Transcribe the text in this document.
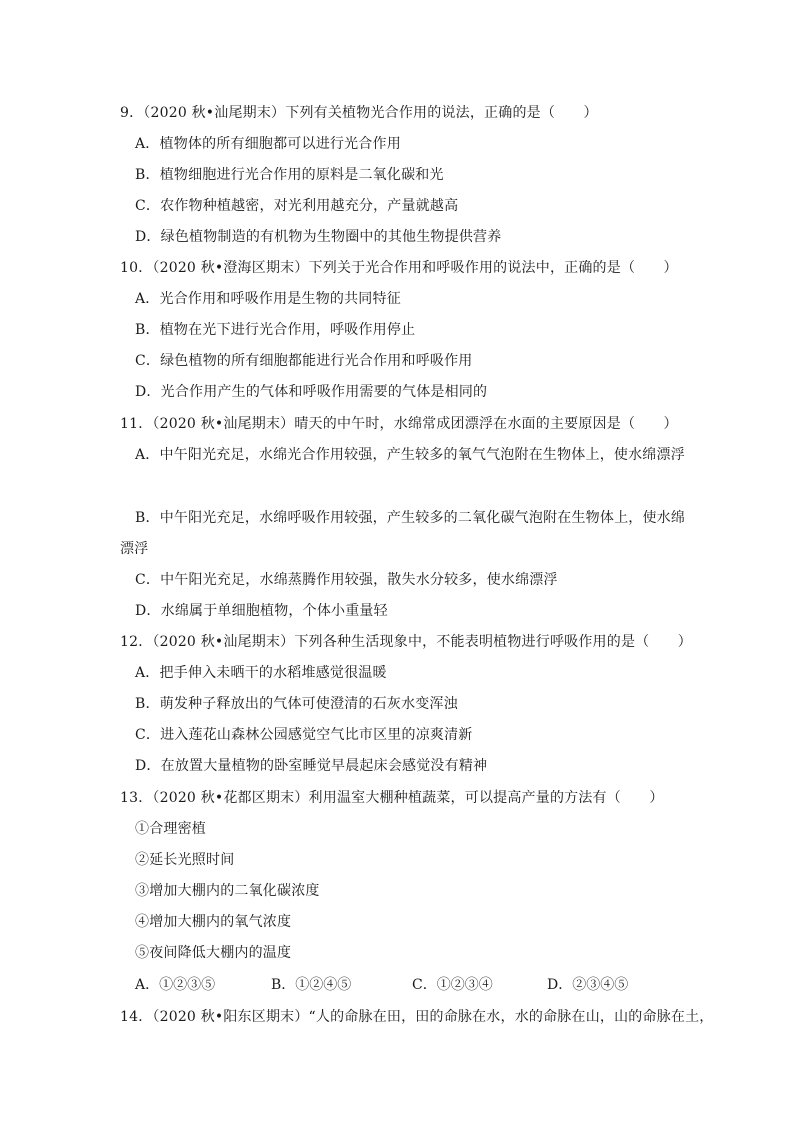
9．（2020 秋•汕尾期末）下列有关植物光合作用的说法，正确的是（　　）
A．植物体的所有细胞都可以进行光合作用
B．植物细胞进行光合作用的原料是二氧化碳和光
C．农作物种植越密，对光利用越充分，产量就越高
D．绿色植物制造的有机物为生物圈中的其他生物提供营养
10．（2020 秋•澄海区期末）下列关于光合作用和呼吸作用的说法中，正确的是（　　）
A．光合作用和呼吸作用是生物的共同特征
B．植物在光下进行光合作用，呼吸作用停止
C．绿色植物的所有细胞都能进行光合作用和呼吸作用
D．光合作用产生的气体和呼吸作用需要的气体是相同的
11．（2020 秋•汕尾期末）晴天的中午时，水绵常成团漂浮在水面的主要原因是（　　）
A．中午阳光充足，水绵光合作用较强，产生较多的氧气气泡附在生物体上，使水绵漂浮
B．中午阳光充足，水绵呼吸作用较强，产生较多的二氧化碳气泡附在生物体上，使水绵
漂浮
C．中午阳光充足，水绵蒸腾作用较强，散失水分较多，使水绵漂浮
D．水绵属于单细胞植物，个体小重量轻
12．（2020 秋•汕尾期末）下列各种生活现象中，不能表明植物进行呼吸作用的是（　　）
A．把手伸入未晒干的水稻堆感觉很温暖
B．萌发种子释放出的气体可使澄清的石灰水变浑浊
C．进入莲花山森林公园感觉空气比市区里的凉爽清新
D．在放置大量植物的卧室睡觉早晨起床会感觉没有精神
13．（2020 秋•花都区期末）利用温室大棚种植蔬菜，可以提高产量的方法有（　　）
①合理密植
②延长光照时间
③增加大棚内的二氧化碳浓度
④增加大棚内的氧气浓度
⑤夜间降低大棚内的温度
A．①②③⑤	B．①②④⑤	C．①②③④	D．②③④⑤
14．（2020 秋•阳东区期末）“人的命脉在田，田的命脉在水，水的命脉在山，山的命脉在土，
